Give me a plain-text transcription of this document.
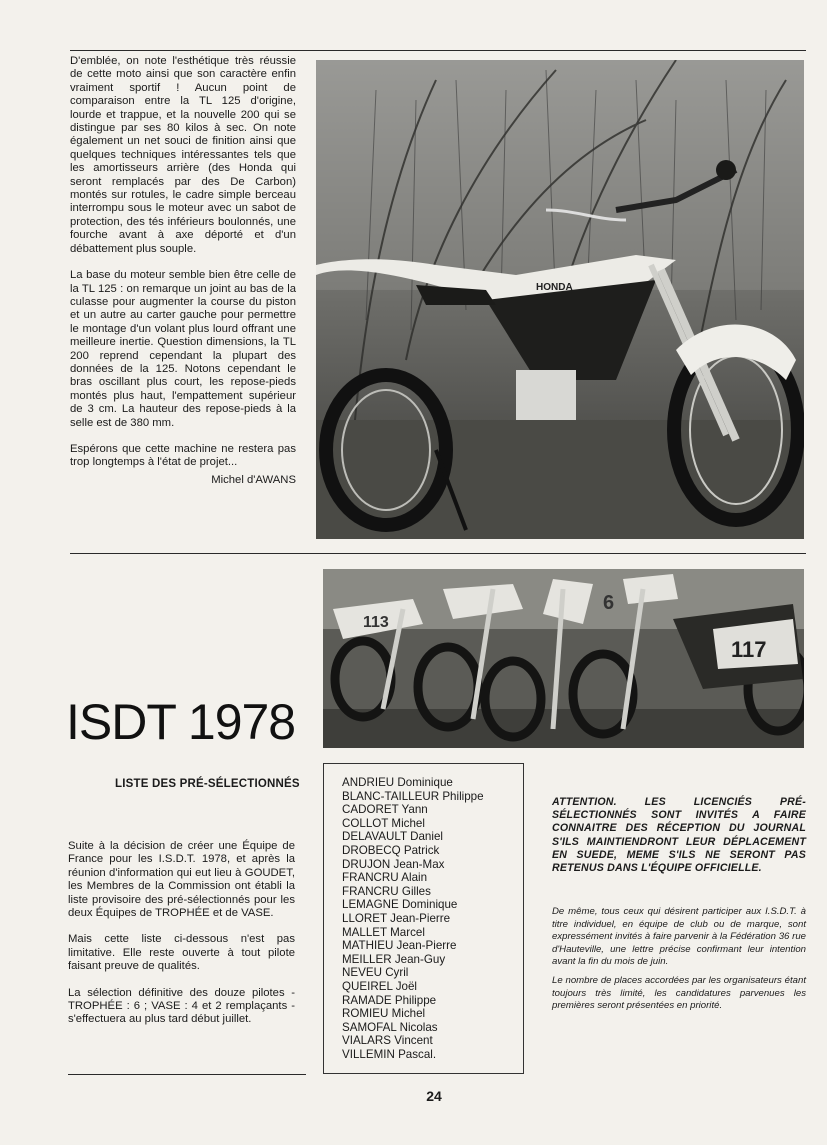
D'emblée, on note l'esthétique très réussie de cette moto ainsi que son caractère enfin vraiment sportif ! Aucun point de comparaison entre la TL 125 d'origine, lourde et trappue, et la nouvelle 200 qui se distingue par ses 80 kilos à sec. On note également un net souci de finition ainsi que quelques techniques intéressantes tels que les amortisseurs arrière (des Honda qui seront remplacés par des De Carbon) montés sur rotules, le cadre simple berceau interrompu sous le moteur avec un sabot de protection, des tés inférieurs boulonnés, une fourche avant à axe déporté et d'un débattement plus souple.

La base du moteur semble bien être celle de la TL 125 : on remarque un joint au bas de la culasse pour augmenter la course du piston et un autre au carter gauche pour permettre le montage d'un volant plus lourd offrant une meilleure inertie. Question dimensions, la TL 200 reprend cependant la plupart des données de la 125. Notons cependant le bras oscillant plus court, les repose-pieds montés plus haut, l'empattement supérieur de 3 cm. La hauteur des repose-pieds à la selle est de 380 mm.

Espérons que cette machine ne restera pas trop longtemps à l'état de projet...

Michel d'AWANS
HONDA
113
6
117
ISDT 1978
LISTE DES PRÉ-SÉLECTIONNÉS

Suite à la décision de créer une Équipe de France pour les I.S.D.T. 1978, et après la réunion d'information qui eut lieu à GOUDET, les Membres de la Commission ont établi la liste provisoire des pré-sélectionnés pour les deux Équipes de TROPHÉE et de VASE.

Mais cette liste ci-dessous n'est pas limitative. Elle reste ouverte à tout pilote faisant preuve de qualités.

La sélection définitive des douze pilotes - TROPHÉE : 6 ; VASE : 4 et 2 remplaçants - s'effectuera au plus tard début juillet.

ANDRIEU Dominique
BLANC-TAILLEUR Philippe
CADORET Yann
COLLOT Michel
DELAVAULT Daniel
DROBECQ Patrick
DRUJON Jean-Max
FRANCRU Alain
FRANCRU Gilles
LEMAGNE Dominique
LLORET Jean-Pierre
MALLET Marcel
MATHIEU Jean-Pierre
MEILLER Jean-Guy
NEVEU Cyril
QUEIREL Joël
RAMADE Philippe
ROMIEU Michel
SAMOFAL Nicolas
VIALARS Vincent
VILLEMIN Pascal.
ATTENTION. LES LICENCIÉS PRÉ-SÉLECTIONNÉS SONT INVITÉS A FAIRE CONNAITRE DES RÉCEPTION DU JOURNAL S'ILS MAINTIENDRONT LEUR DÉPLACEMENT EN SUEDE, MEME S'ILS NE SERONT PAS RETENUS DANS L'ÉQUIPE OFFICIELLE.

De même, tous ceux qui désirent participer aux I.S.D.T. à titre individuel, en équipe de club ou de marque, sont expressément invités à faire parvenir à la Fédération 36 rue d'Hauteville, une lettre précise confirmant leur intention avant la fin du mois de juin.

Le nombre de places accordées par les organisateurs étant toujours très limité, les candidatures parvenues les premières seront présentées en priorité.

24
